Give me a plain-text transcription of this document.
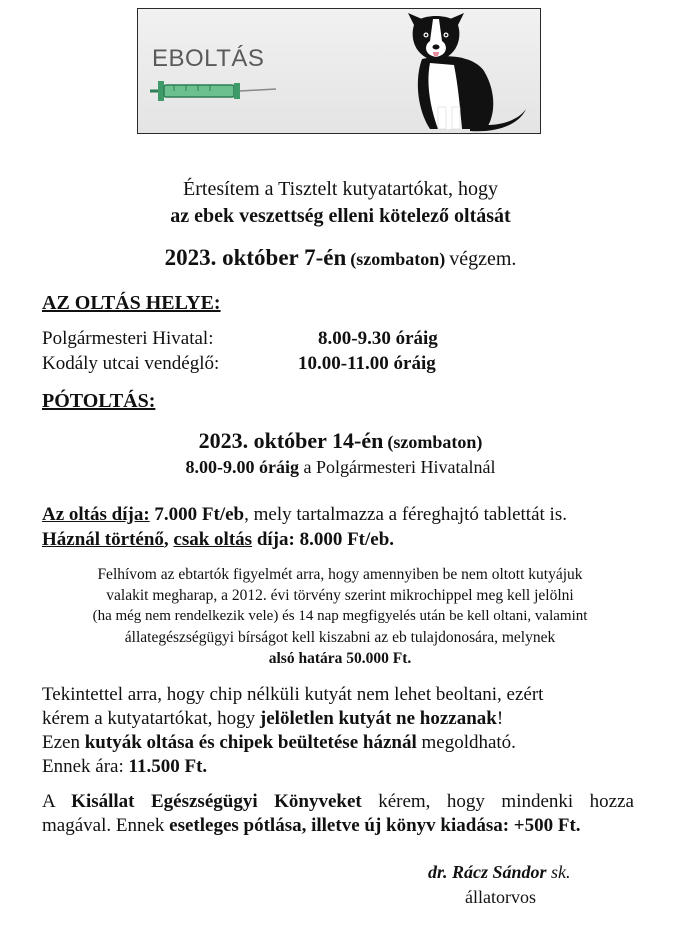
EBOLTÁS
Értesítem a Tisztelt kutyatartókat, hogy
az ebek veszettség elleni kötelező oltását
2023. október 7-én (szombaton) végzem.
AZ OLTÁS HELYE:
Polgármesteri Hivatal:	8.00-9.30 óráig
Kodály utcai vendéglő:	10.00-11.00 óráig
PÓTOLTÁS:
2023. október 14-én (szombaton)
8.00-9.00 óráig a Polgármesteri Hivatalnál
Az oltás díja: 7.000 Ft/eb, mely tartalmazza a féreghajtó tablettát is.
Háznál történő, csak oltás díja: 8.000 Ft/eb.
Felhívom az ebtartók figyelmét arra, hogy amennyiben be nem oltott kutyájuk
valakit megharap, a 2012. évi törvény szerint mikrochippel meg kell jelölni
(ha még nem rendelkezik vele) és 14 nap megfigyelés után be kell oltani, valamint
állategészségügyi bírságot kell kiszabni az eb tulajdonosára, melynek
alsó határa 50.000 Ft.
Tekintettel arra, hogy chip nélküli kutyát nem lehet beoltani, ezért
kérem a kutyatartókat, hogy jelöletlen kutyát ne hozzanak!
Ezen kutyák oltása és chipek beültetése háznál megoldható.
Ennek ára: 11.500 Ft.
A Kisállat Egészségügyi Könyveket kérem, hogy mindenki hozza
magával. Ennek esetleges pótlása, illetve új könyv kiadása: +500 Ft.
dr. Rácz Sándor sk.
állatorvos
